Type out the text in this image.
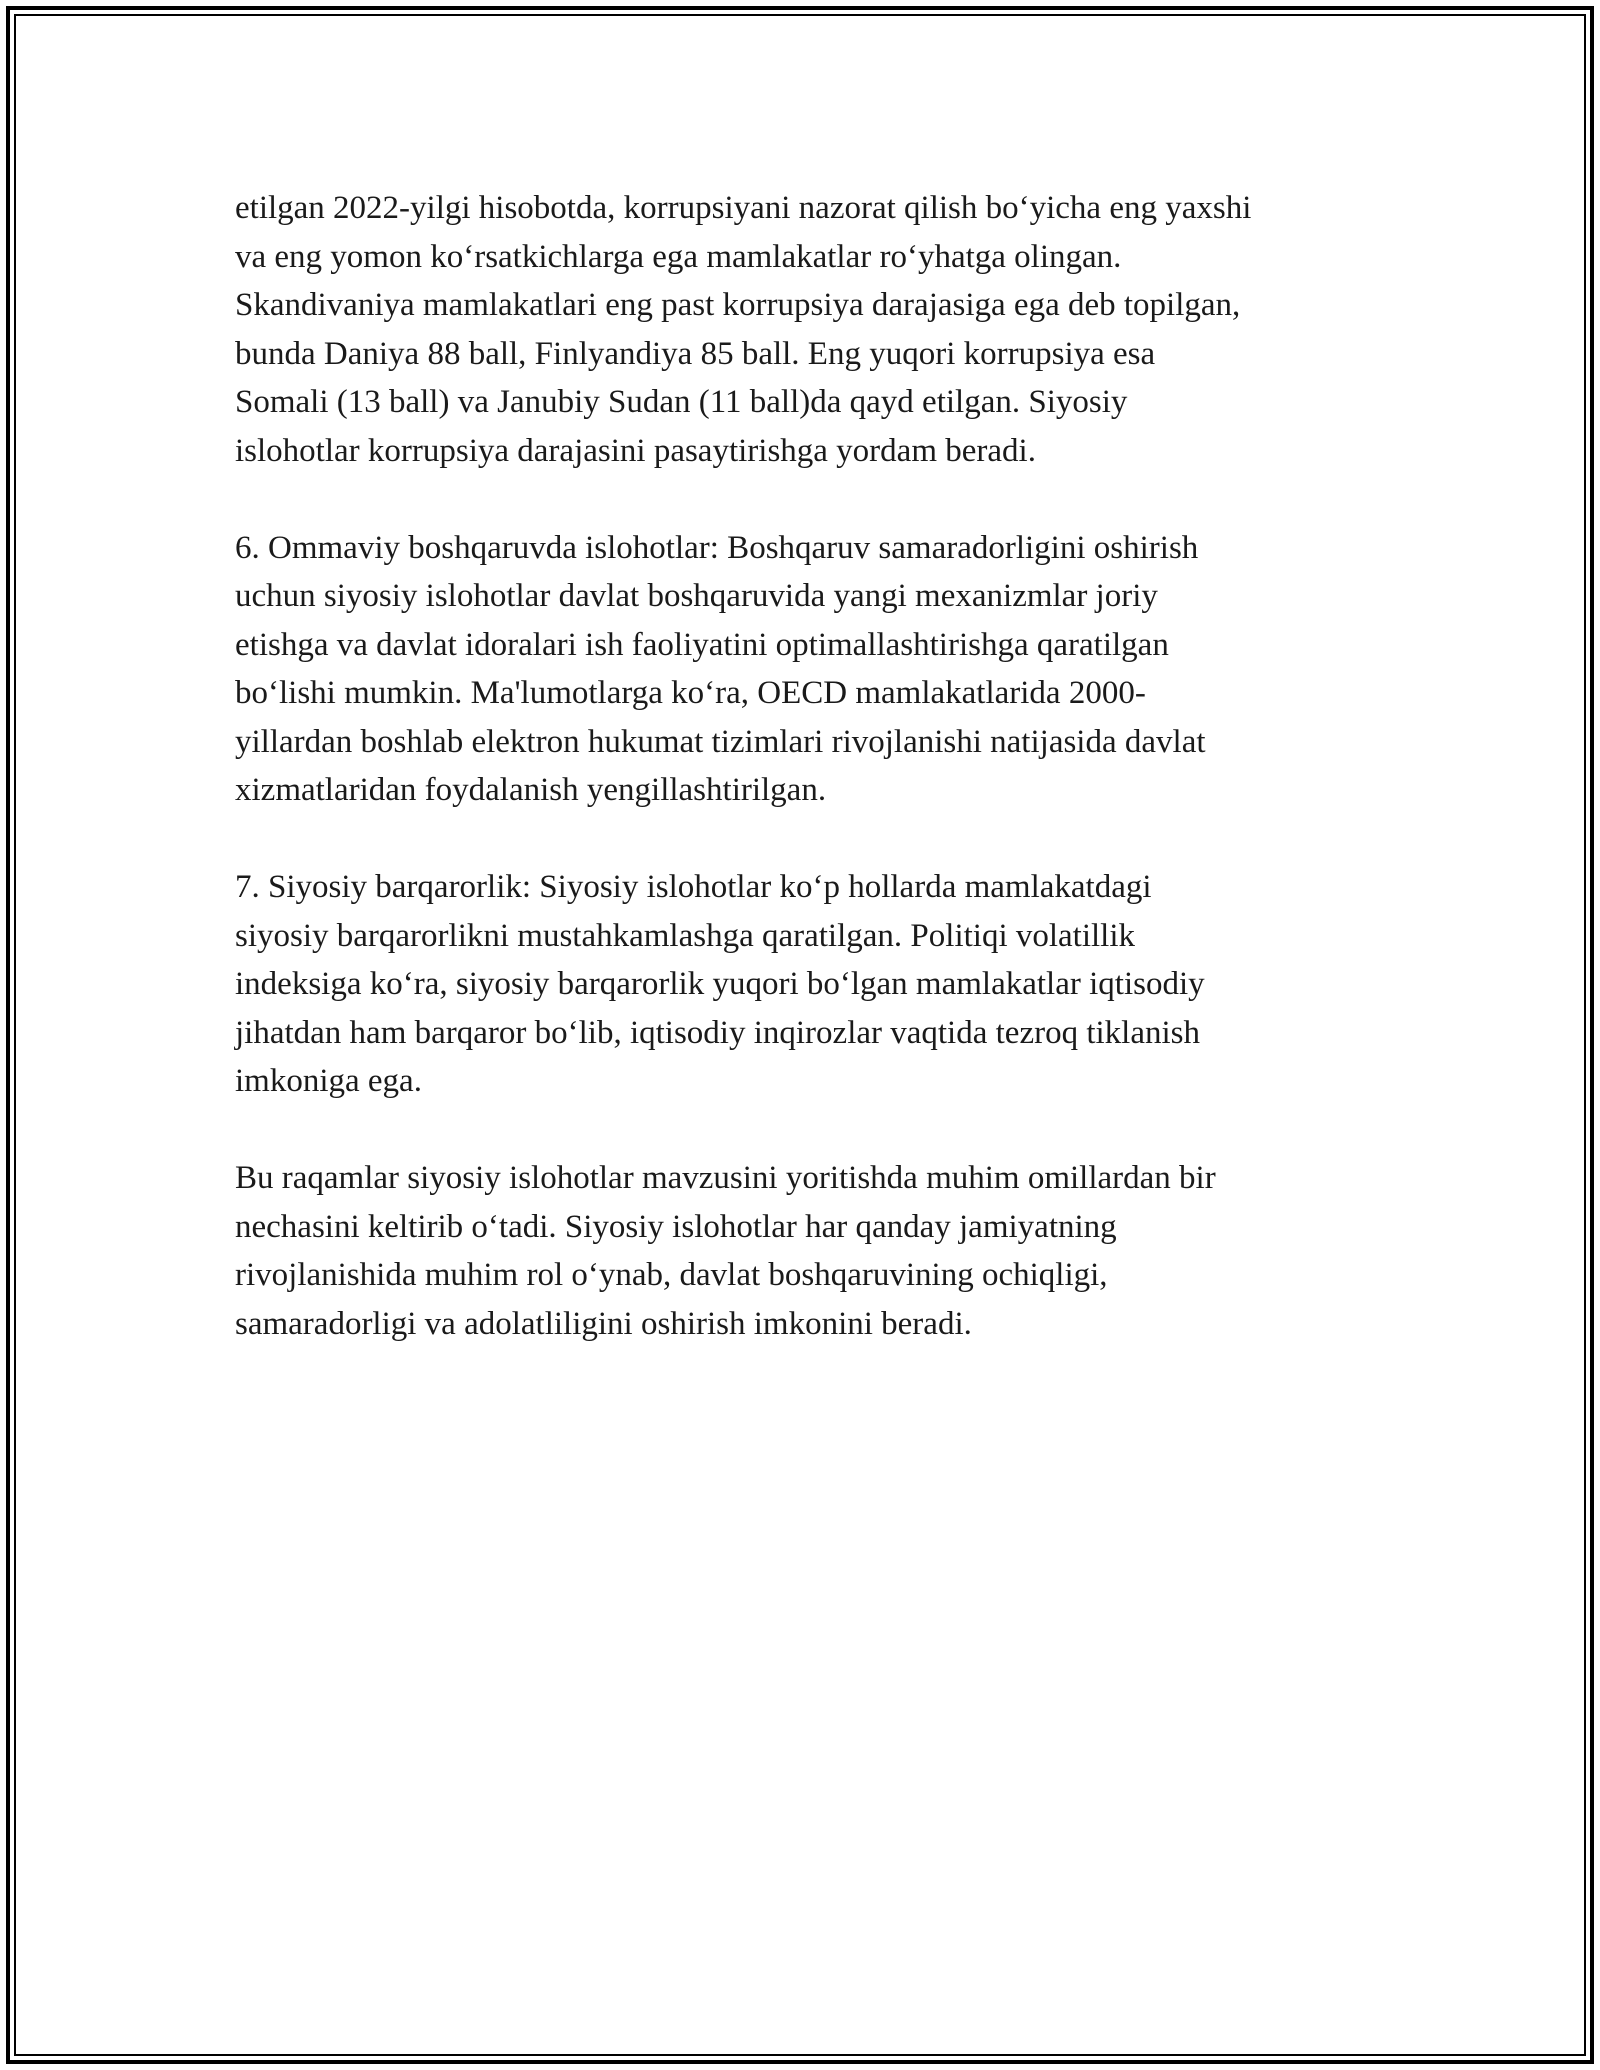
etilgan 2022-yilgi hisobotda, korrupsiyani nazorat qilish boʻyicha eng yaxshi
va eng yomon koʻrsatkichlarga ega mamlakatlar roʻyhatga olingan.
Skandivaniya mamlakatlari eng past korrupsiya darajasiga ega deb topilgan,
bunda Daniya 88 ball, Finlyandiya 85 ball. Eng yuqori korrupsiya esa
Somali (13 ball) va Janubiy Sudan (11 ball)da qayd etilgan. Siyosiy
islohotlar korrupsiya darajasini pasaytirishga yordam beradi.

6. Ommaviy boshqaruvda islohotlar: Boshqaruv samaradorligini oshirish
uchun siyosiy islohotlar davlat boshqaruvida yangi mexanizmlar joriy
etishga va davlat idoralari ish faoliyatini optimallashtirishga qaratilgan
boʻlishi mumkin. Ma'lumotlarga koʻra, OECD mamlakatlarida 2000-
yillardan boshlab elektron hukumat tizimlari rivojlanishi natijasida davlat
xizmatlaridan foydalanish yengillashtirilgan.

7. Siyosiy barqarorlik: Siyosiy islohotlar koʻp hollarda mamlakatdagi
siyosiy barqarorlikni mustahkamlashga qaratilgan. Politiqi volatillik
indeksiga koʻra, siyosiy barqarorlik yuqori boʻlgan mamlakatlar iqtisodiy
jihatdan ham barqaror boʻlib, iqtisodiy inqirozlar vaqtida tezroq tiklanish
imkoniga ega.

Bu raqamlar siyosiy islohotlar mavzusini yoritishda muhim omillardan bir
nechasini keltirib oʻtadi. Siyosiy islohotlar har qanday jamiyatning
rivojlanishida muhim rol oʻynab, davlat boshqaruvining ochiqligi,
samaradorligi va adolatliligini oshirish imkonini beradi.
